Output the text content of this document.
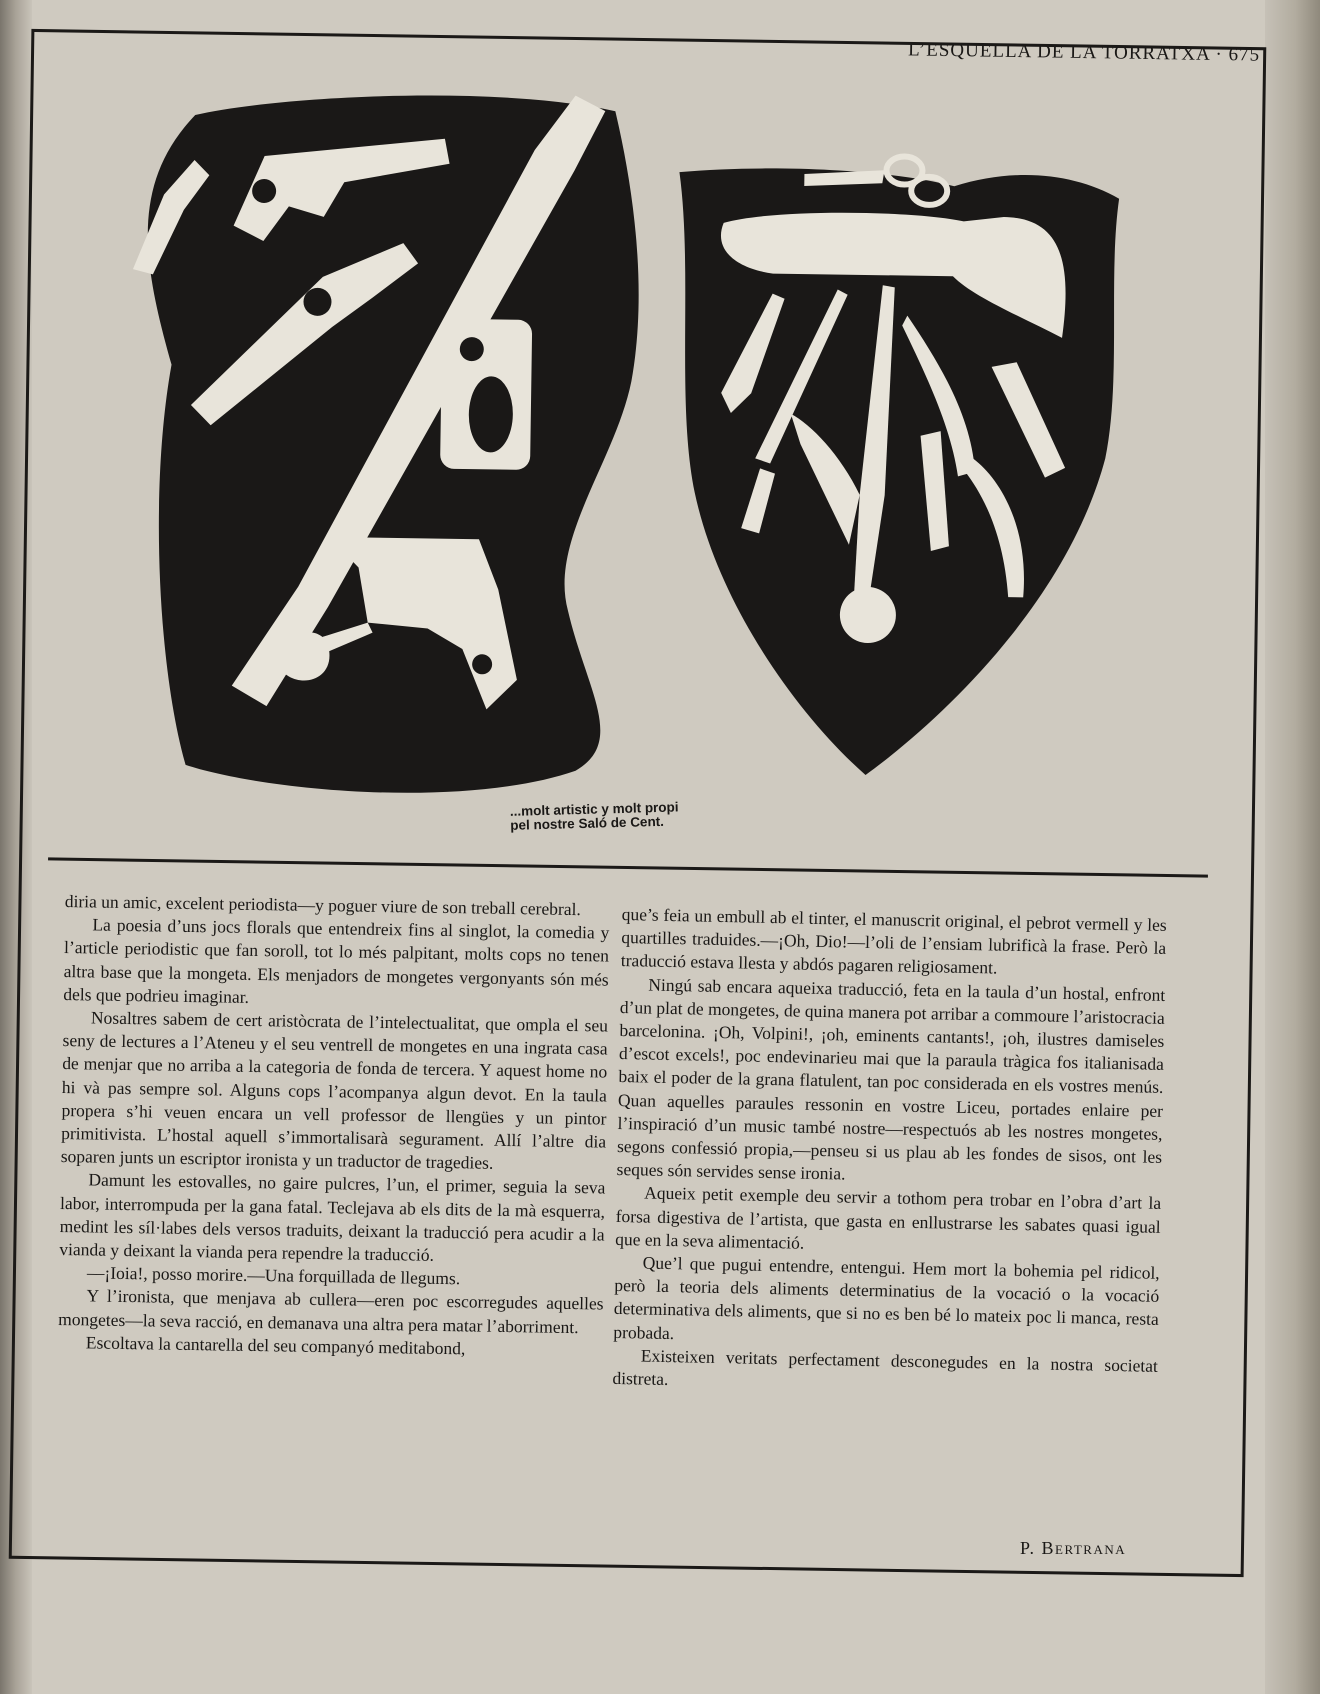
L’ESQUELLA DE LA TORRATXA · 675
...molt artistic y molt propi
pel nostre Saló de Cent.

diria un amic, excelent periodista—y poguer viure de son treball cerebral.

La poesia d’uns jocs florals que entendreix fins al singlot, la comedia y l’article periodistic que fan soroll, tot lo més palpitant, molts cops no tenen altra base que la mongeta. Els menjadors de mongetes vergonyants són més dels que podrieu imaginar.

Nosaltres sabem de cert aristòcrata de l’intelectualitat, que ompla el seu seny de lectures a l’Ateneu y el seu ventrell de mongetes en una ingrata casa de menjar que no arriba a la categoria de fonda de tercera. Y aquest home no hi và pas sempre sol. Alguns cops l’acompanya algun devot. En la taula propera s’hi veuen encara un vell professor de llengües y un pintor primitivista. L’hostal aquell s’immortalisarà segurament. Allí l’altre dia soparen junts un escriptor ironista y un traductor de tragedies.

Damunt les estovalles, no gaire pulcres, l’un, el primer, seguia la seva labor, interrompuda per la gana fatal. Teclejava ab els dits de la mà esquerra, medint les síl·labes dels versos traduits, deixant la traducció pera acudir a la vianda y deixant la vianda pera rependre la traducció.

—¡Ioia!, posso morire.—Una forquillada de llegums.

Y l’ironista, que menjava ab cullera—eren poc escorregudes aquelles mongetes—la seva racció, en demanava una altra pera matar l’aborriment.

Escoltava la cantarella del seu companyó meditabond,

que’s feia un embull ab el tinter, el manuscrit original, el pebrot vermell y les quartilles traduides.—¡Oh, Dio!—l’oli de l’ensiam lubrificà la frase. Però la traducció estava llesta y abdós pagaren religiosament.

Ningú sab encara aqueixa traducció, feta en la taula d’un hostal, enfront d’un plat de mongetes, de quina manera pot arribar a commoure l’aristocracia barcelonina. ¡Oh, Volpini!, ¡oh, eminents cantants!, ¡oh, ilustres damiseles d’escot excels!, poc endevinarieu mai que la paraula tràgica fos italianisada baix el poder de la grana flatulent, tan poc considerada en els vostres menús. Quan aquelles paraules ressonin en vostre Liceu, portades enlaire per l’inspiració d’un music també nostre—respectuós ab les nostres mongetes, segons confessió propia,—penseu si us plau ab les fondes de sisos, ont les seques són servides sense ironia.

Aqueix petit exemple deu servir a tothom pera trobar en l’obra d’art la forsa digestiva de l’artista, que gasta en enllustrarse les sabates quasi igual que en la seva alimentació.

Que’l que pugui entendre, entengui. Hem mort la bohemia pel ridicol, però la teoria dels aliments determinatius de la vocació o la vocació determinativa dels aliments, que si no es ben bé lo mateix poc li manca, resta probada.

Existeixen veritats perfectament desconegudes en la nostra societat distreta.

P. Bertrana
